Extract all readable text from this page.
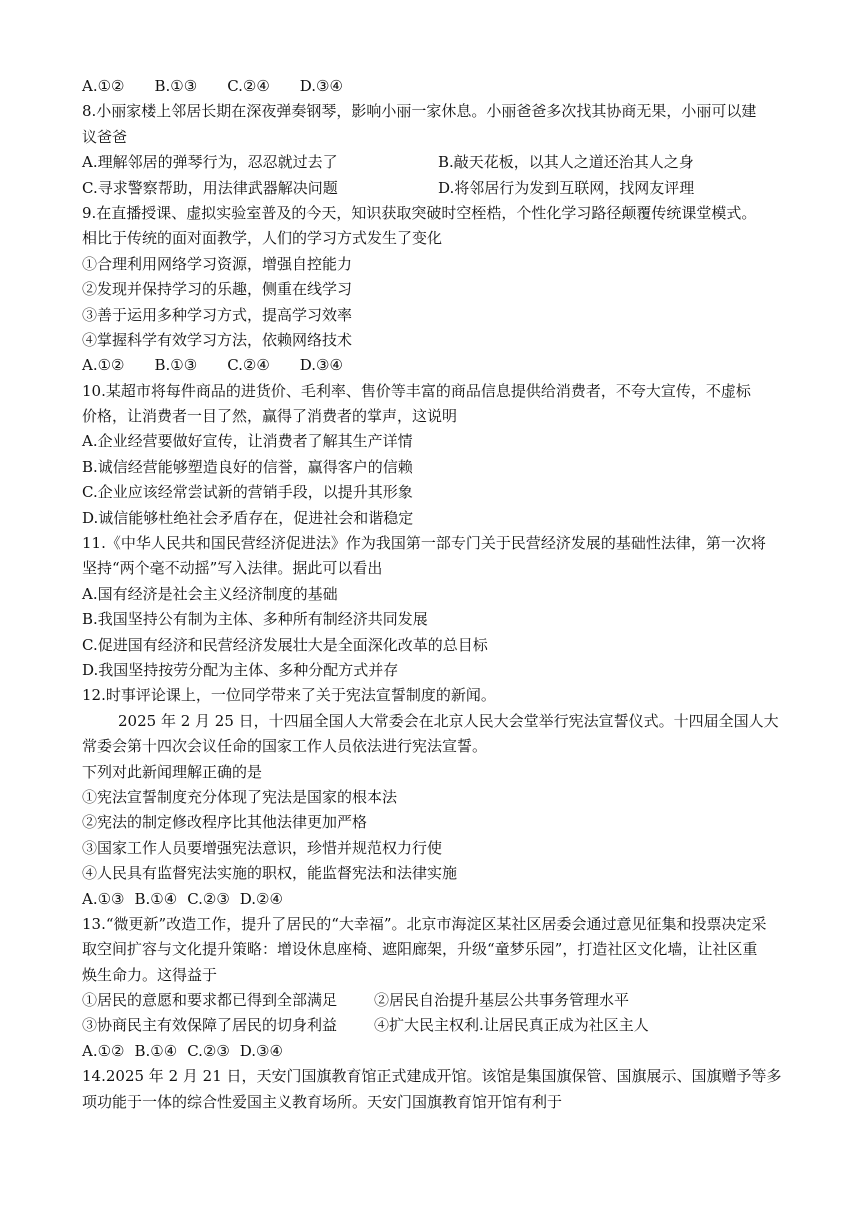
A.①② B.①③ C.②④ D.③④
8.小丽家楼上邻居长期在深夜弹奏钢琴，影响小丽一家休息。小丽爸爸多次找其协商无果，小丽可以建
议爸爸
A.理解邻居的弹琴行为，忍忍就过去了	B.敲天花板，以其人之道还治其人之身
C.寻求警察帮助，用法律武器解决问题	D.将邻居行为发到互联网，找网友评理
9.在直播授课、虚拟实验室普及的今天，知识获取突破时空桎梏，个性化学习路径颠覆传统课堂模式。
相比于传统的面对面教学，人们的学习方式发生了变化
①合理利用网络学习资源，增强自控能力
②发现并保持学习的乐趣，侧重在线学习
③善于运用多种学习方式，提高学习效率
④掌握科学有效学习方法，依赖网络技术
A.①② B.①③ C.②④ D.③④
10.某超市将每件商品的进货价、毛利率、售价等丰富的商品信息提供给消费者，不夸大宣传，不虚标
价格，让消费者一目了然，赢得了消费者的掌声，这说明
A.企业经营要做好宣传，让消费者了解其生产详情
B.诚信经营能够塑造良好的信誉，赢得客户的信赖
C.企业应该经常尝试新的营销手段，以提升其形象
D.诚信能够杜绝社会矛盾存在，促进社会和谐稳定
11.《中华人民共和国民营经济促进法》作为我国第一部专门关于民营经济发展的基础性法律，第一次将
坚持“两个毫不动摇”写入法律。据此可以看出
A.国有经济是社会主义经济制度的基础
B.我国坚持公有制为主体、多种所有制经济共同发展
C.促进国有经济和民营经济发展壮大是全面深化改革的总目标
D.我国坚持按劳分配为主体、多种分配方式并存
12.时事评论课上，一位同学带来了关于宪法宣誓制度的新闻。
2025 年 2 月 25 日，十四届全国人大常委会在北京人民大会堂举行宪法宣誓仪式。十四届全国人大
常委会第十四次会议任命的国家工作人员依法进行宪法宣誓。
下列对此新闻理解正确的是
①宪法宣誓制度充分体现了宪法是国家的根本法
②宪法的制定修改程序比其他法律更加严格
③国家工作人员要增强宪法意识，珍惜并规范权力行使
④人民具有监督宪法实施的职权，能监督宪法和法律实施
A.①③ B.①④ C.②③ D.②④
13.“微更新”改造工作，提升了居民的“大幸福”。北京市海淀区某社区居委会通过意见征集和投票决定采
取空间扩容与文化提升策略：增设休息座椅、遮阳廊架，升级“童梦乐园”，打造社区文化墙，让社区重
焕生命力。这得益于
①居民的意愿和要求都已得到全部满足 ②居民自治提升基层公共事务管理水平
③协商民主有效保障了居民的切身利益 ④扩大民主权利.让居民真正成为社区主人
A.①② B.①④ C.②③ D.③④
14.2025 年 2 月 21 日，天安门国旗教育馆正式建成开馆。该馆是集国旗保管、国旗展示、国旗赠予等多
项功能于一体的综合性爱国主义教育场所。天安门国旗教育馆开馆有利于
